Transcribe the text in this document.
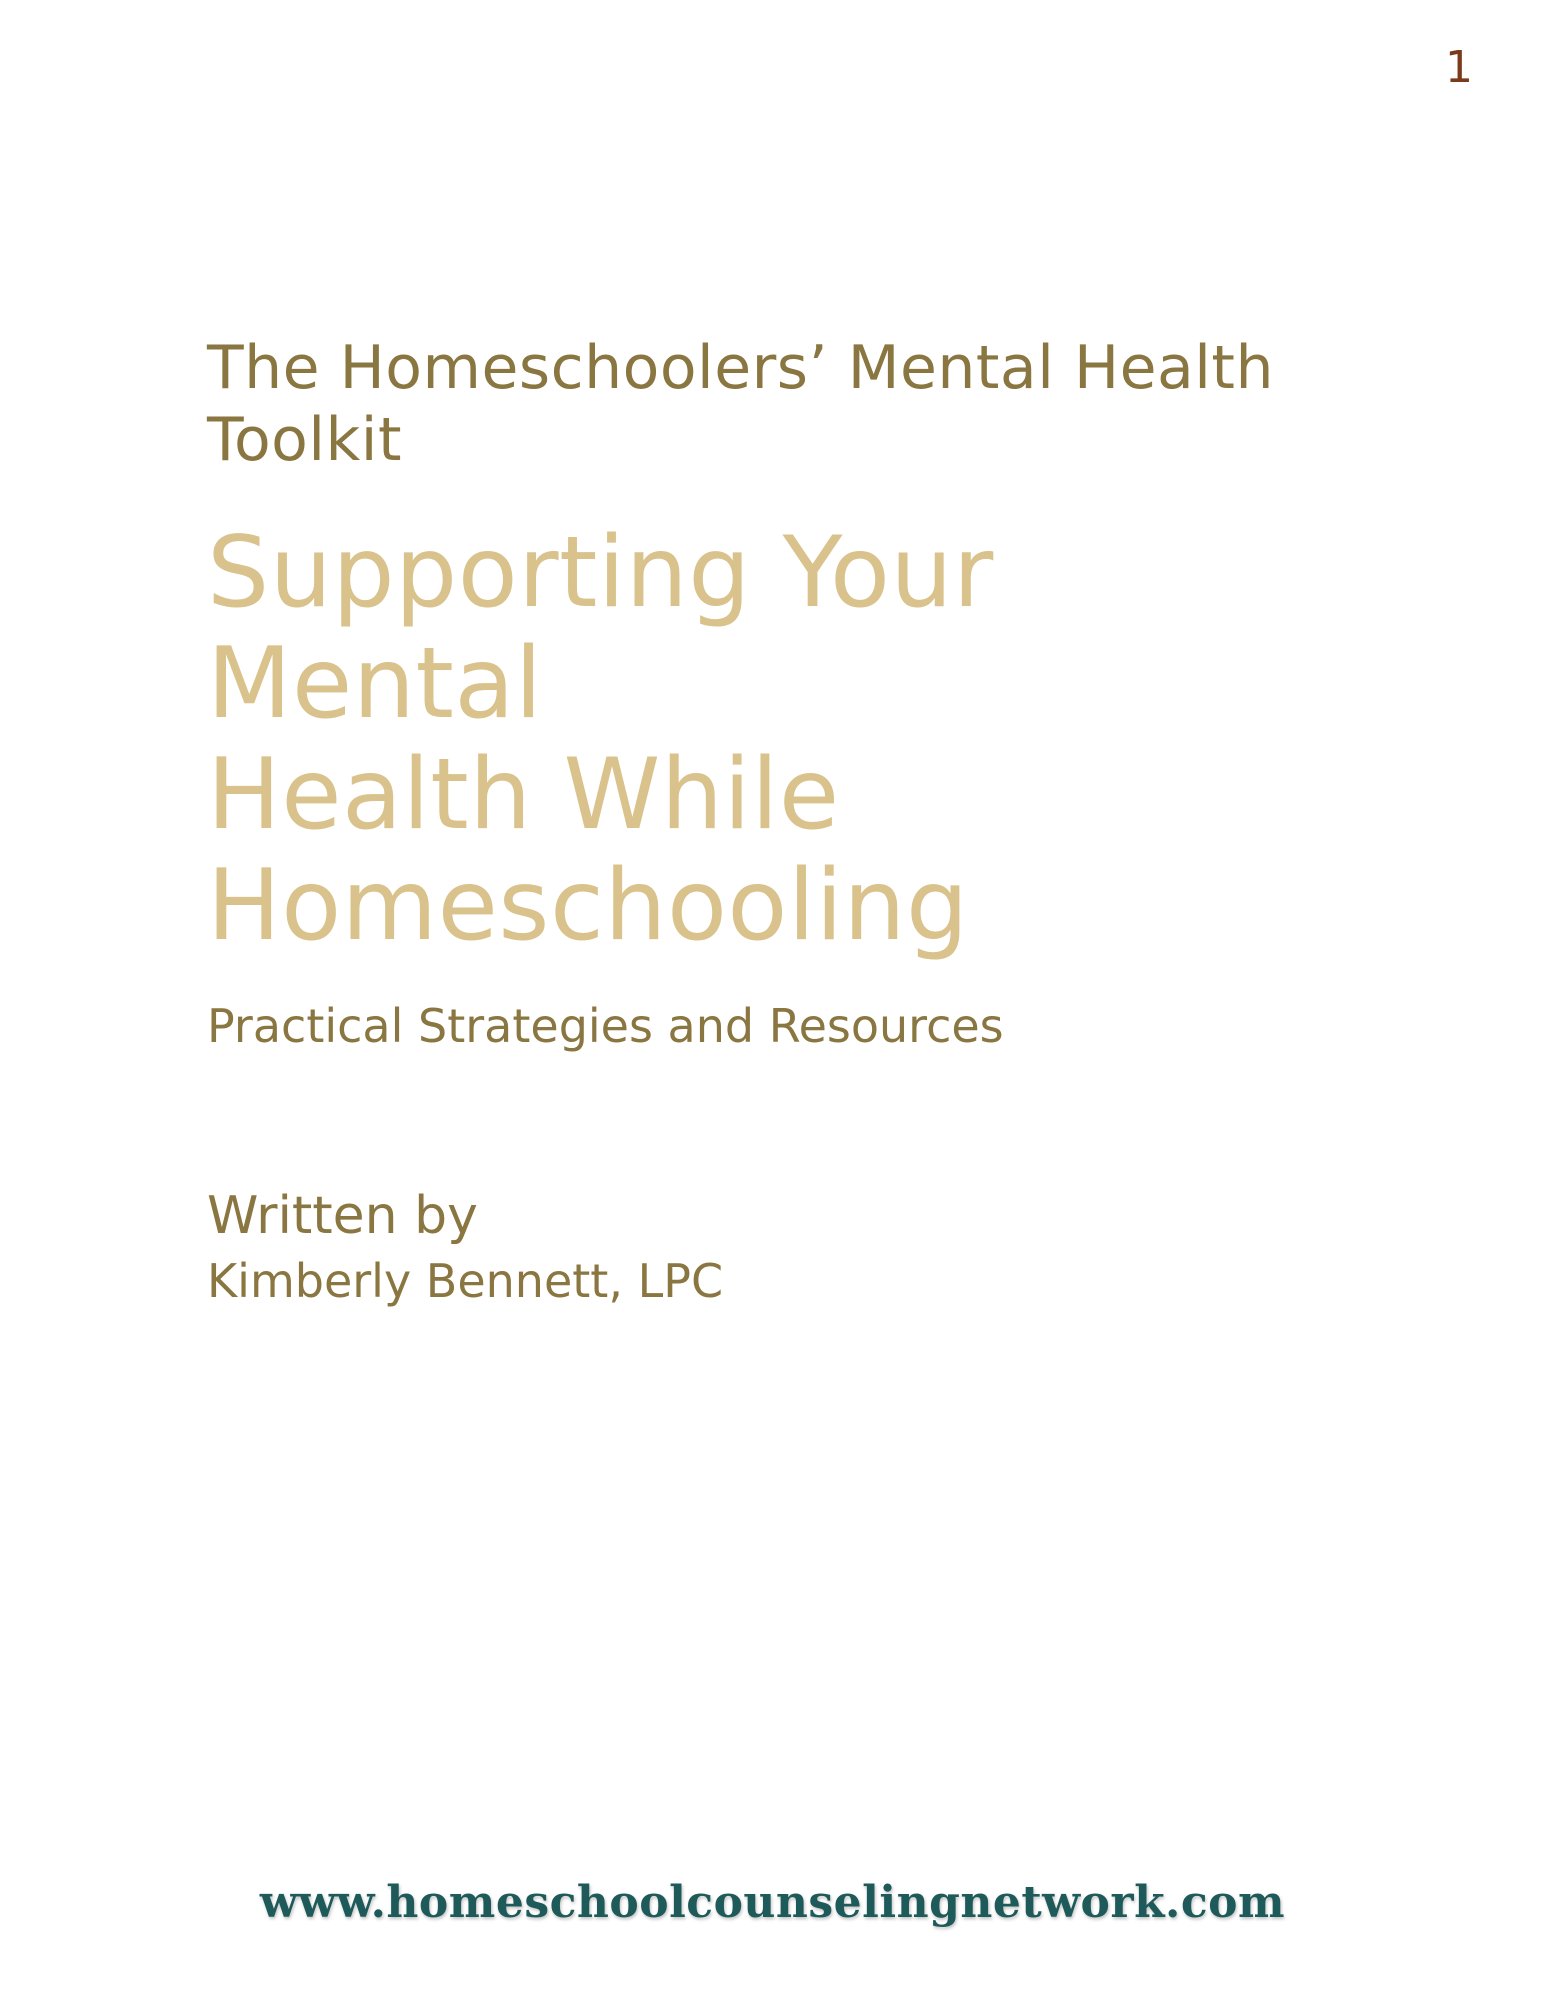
1
The Homeschoolers’ Mental Health Toolkit
Supporting Your Mental
Health While
Homeschooling
Practical Strategies and Resources
Written by
Kimberly Bennett, LPC
www.homeschoolcounselingnetwork.com
